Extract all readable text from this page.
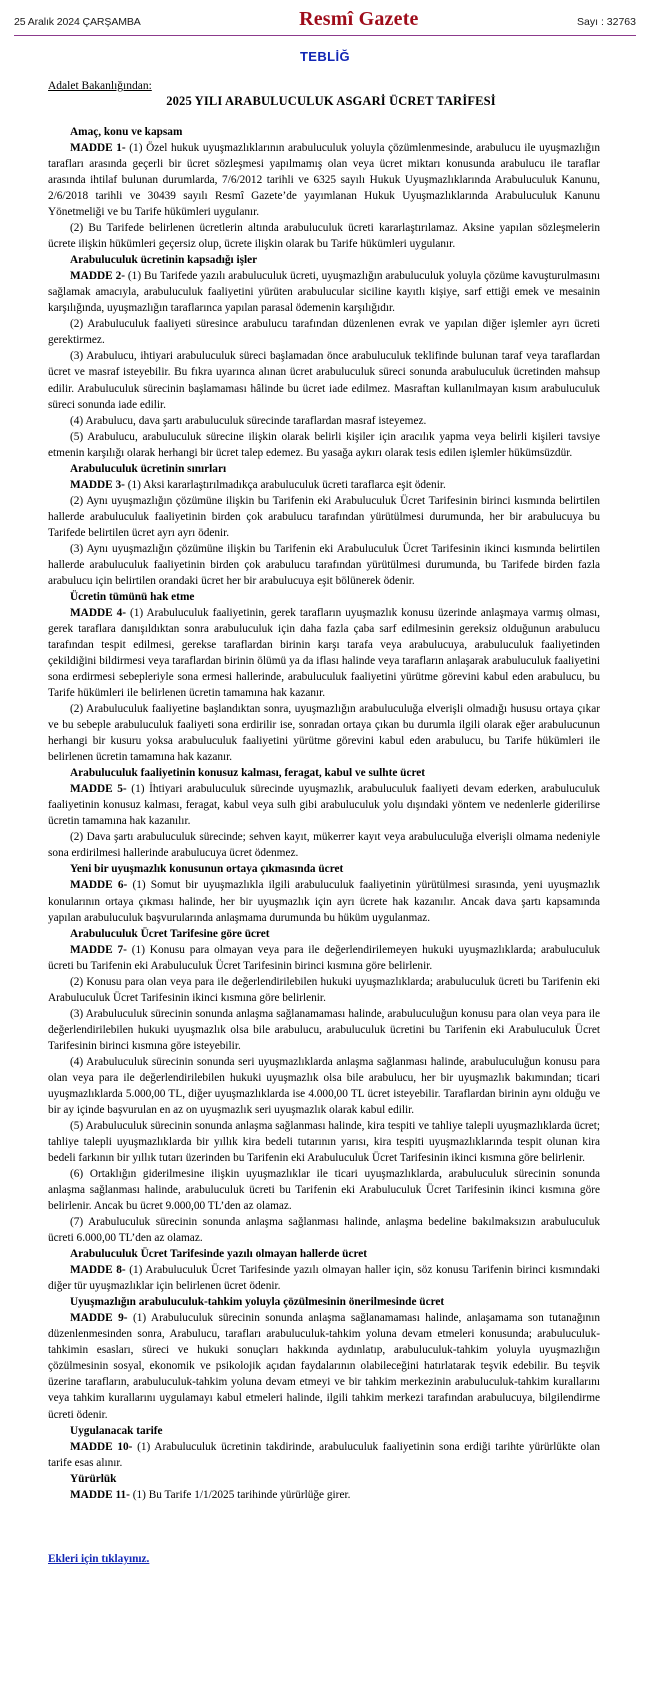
25 Aralık 2024 ÇARŞAMBA	Resmî Gazete	Sayı : 32763
TEBLİĞ
Adalet Bakanlığından:
2025 YILI ARABULUCULUK ASGARİ ÜCRET TARİFESİ
Amaç, konu ve kapsam

MADDE 1- (1) Özel hukuk uyuşmazlıklarının arabuluculuk yoluyla çözümlenmesinde, arabulucu ile uyuşmazlığın tarafları arasında geçerli bir ücret sözleşmesi yapılmamış olan veya ücret miktarı konusunda arabulucu ile taraflar arasında ihtilaf bulunan durumlarda, 7/6/2012 tarihli ve 6325 sayılı Hukuk Uyuşmazlıklarında Arabuluculuk Kanunu, 2/6/2018 tarihli ve 30439 sayılı Resmî Gazete’de yayımlanan Hukuk Uyuşmazlıklarında Arabuluculuk Kanunu Yönetmeliği ve bu Tarife hükümleri uygulanır.

(2) Bu Tarifede belirlenen ücretlerin altında arabuluculuk ücreti kararlaştırılamaz. Aksine yapılan sözleşmelerin ücrete ilişkin hükümleri geçersiz olup, ücrete ilişkin olarak bu Tarife hükümleri uygulanır.

Arabuluculuk ücretinin kapsadığı işler

MADDE 2- (1) Bu Tarifede yazılı arabuluculuk ücreti, uyuşmazlığın arabuluculuk yoluyla çözüme kavuşturulmasını sağlamak amacıyla, arabuluculuk faaliyetini yürüten arabulucular siciline kayıtlı kişiye, sarf ettiği emek ve mesainin karşılığında, uyuşmazlığın taraflarınca yapılan parasal ödemenin karşılığıdır.

(2) Arabuluculuk faaliyeti süresince arabulucu tarafından düzenlenen evrak ve yapılan diğer işlemler ayrı ücreti gerektirmez.

(3) Arabulucu, ihtiyari arabuluculuk süreci başlamadan önce arabuluculuk teklifinde bulunan taraf veya taraflardan ücret ve masraf isteyebilir. Bu fıkra uyarınca alınan ücret arabuluculuk süreci sonunda arabuluculuk ücretinden mahsup edilir. Arabuluculuk sürecinin başlamaması hâlinde bu ücret iade edilmez. Masraftan kullanılmayan kısım arabuluculuk süreci sonunda iade edilir.

(4) Arabulucu, dava şartı arabuluculuk sürecinde taraflardan masraf isteyemez.

(5) Arabulucu, arabuluculuk sürecine ilişkin olarak belirli kişiler için aracılık yapma veya belirli kişileri tavsiye etmenin karşılığı olarak herhangi bir ücret talep edemez. Bu yasağa aykırı olarak tesis edilen işlemler hükümsüzdür.

Arabuluculuk ücretinin sınırları

MADDE 3- (1) Aksi kararlaştırılmadıkça arabuluculuk ücreti taraflarca eşit ödenir.

(2) Aynı uyuşmazlığın çözümüne ilişkin bu Tarifenin eki Arabuluculuk Ücret Tarifesinin birinci kısmında belirtilen hallerde arabuluculuk faaliyetinin birden çok arabulucu tarafından yürütülmesi durumunda, her bir arabulucuya bu Tarifede belirtilen ücret ayrı ayrı ödenir.

(3) Aynı uyuşmazlığın çözümüne ilişkin bu Tarifenin eki Arabuluculuk Ücret Tarifesinin ikinci kısmında belirtilen hallerde arabuluculuk faaliyetinin birden çok arabulucu tarafından yürütülmesi durumunda, bu Tarifede birden fazla arabulucu için belirtilen orandaki ücret her bir arabulucuya eşit bölünerek ödenir.

Ücretin tümünü hak etme

MADDE 4- (1) Arabuluculuk faaliyetinin, gerek tarafların uyuşmazlık konusu üzerinde anlaşmaya varmış olması, gerek taraflara danışıldıktan sonra arabuluculuk için daha fazla çaba sarf edilmesinin gereksiz olduğunun arabulucu tarafından tespit edilmesi, gerekse taraflardan birinin karşı tarafa veya arabulucuya, arabuluculuk faaliyetinden çekildiğini bildirmesi veya taraflardan birinin ölümü ya da iflası halinde veya tarafların anlaşarak arabuluculuk faaliyetini sona erdirmesi sebepleriyle sona ermesi hallerinde, arabuluculuk faaliyetini yürütme görevini kabul eden arabulucu, bu Tarife hükümleri ile belirlenen ücretin tamamına hak kazanır.

(2) Arabuluculuk faaliyetine başlandıktan sonra, uyuşmazlığın arabuluculuğa elverişli olmadığı hususu ortaya çıkar ve bu sebeple arabuluculuk faaliyeti sona erdirilir ise, sonradan ortaya çıkan bu durumla ilgili olarak eğer arabulucunun herhangi bir kusuru yoksa arabuluculuk faaliyetini yürütme görevini kabul eden arabulucu, bu Tarife hükümleri ile belirlenen ücretin tamamına hak kazanır.

Arabuluculuk faaliyetinin konusuz kalması, feragat, kabul ve sulhte ücret

MADDE 5- (1) İhtiyari arabuluculuk sürecinde uyuşmazlık, arabuluculuk faaliyeti devam ederken, arabuluculuk faaliyetinin konusuz kalması, feragat, kabul veya sulh gibi arabuluculuk yolu dışındaki yöntem ve nedenlerle giderilirse ücretin tamamına hak kazanılır.

(2) Dava şartı arabuluculuk sürecinde; sehven kayıt, mükerrer kayıt veya arabuluculuğa elverişli olmama nedeniyle sona erdirilmesi hallerinde arabulucuya ücret ödenmez.

Yeni bir uyuşmazlık konusunun ortaya çıkmasında ücret

MADDE 6- (1) Somut bir uyuşmazlıkla ilgili arabuluculuk faaliyetinin yürütülmesi sırasında, yeni uyuşmazlık konularının ortaya çıkması halinde, her bir uyuşmazlık için ayrı ücrete hak kazanılır. Ancak dava şartı kapsamında yapılan arabuluculuk başvurularında anlaşmama durumunda bu hüküm uygulanmaz.

Arabuluculuk Ücret Tarifesine göre ücret

MADDE 7- (1) Konusu para olmayan veya para ile değerlendirilemeyen hukuki uyuşmazlıklarda; arabuluculuk ücreti bu Tarifenin eki Arabuluculuk Ücret Tarifesinin birinci kısmına göre belirlenir.

(2) Konusu para olan veya para ile değerlendirilebilen hukuki uyuşmazlıklarda; arabuluculuk ücreti bu Tarifenin eki Arabuluculuk Ücret Tarifesinin ikinci kısmına göre belirlenir.

(3) Arabuluculuk sürecinin sonunda anlaşma sağlanamaması halinde, arabuluculuğun konusu para olan veya para ile değerlendirilebilen hukuki uyuşmazlık olsa bile arabulucu, arabuluculuk ücretini bu Tarifenin eki Arabuluculuk Ücret Tarifesinin birinci kısmına göre isteyebilir.

(4) Arabuluculuk sürecinin sonunda seri uyuşmazlıklarda anlaşma sağlanması halinde, arabuluculuğun konusu para olan veya para ile değerlendirilebilen hukuki uyuşmazlık olsa bile arabulucu, her bir uyuşmazlık bakımından; ticari uyuşmazlıklarda 5.000,00 TL, diğer uyuşmazlıklarda ise 4.000,00 TL ücret isteyebilir. Taraflardan birinin aynı olduğu ve bir ay içinde başvurulan en az on uyuşmazlık seri uyuşmazlık olarak kabul edilir.

(5) Arabuluculuk sürecinin sonunda anlaşma sağlanması halinde, kira tespiti ve tahliye talepli uyuşmazlıklarda ücret; tahliye talepli uyuşmazlıklarda bir yıllık kira bedeli tutarının yarısı, kira tespiti uyuşmazlıklarında tespit olunan kira bedeli farkının bir yıllık tutarı üzerinden bu Tarifenin eki Arabuluculuk Ücret Tarifesinin ikinci kısmına göre belirlenir.

(6) Ortaklığın giderilmesine ilişkin uyuşmazlıklar ile ticari uyuşmazlıklarda, arabuluculuk sürecinin sonunda anlaşma sağlanması halinde, arabuluculuk ücreti bu Tarifenin eki Arabuluculuk Ücret Tarifesinin ikinci kısmına göre belirlenir. Ancak bu ücret 9.000,00 TL’den az olamaz.

(7) Arabuluculuk sürecinin sonunda anlaşma sağlanması halinde, anlaşma bedeline bakılmaksızın arabuluculuk ücreti 6.000,00 TL’den az olamaz.

Arabuluculuk Ücret Tarifesinde yazılı olmayan hallerde ücret

MADDE 8- (1) Arabuluculuk Ücret Tarifesinde yazılı olmayan haller için, söz konusu Tarifenin birinci kısmındaki diğer tür uyuşmazlıklar için belirlenen ücret ödenir.

Uyuşmazlığın arabuluculuk-tahkim yoluyla çözülmesinin önerilmesinde ücret

MADDE 9- (1) Arabuluculuk sürecinin sonunda anlaşma sağlanamaması halinde, anlaşamama son tutanağının düzenlenmesinden sonra, Arabulucu, tarafları arabuluculuk-tahkim yoluna devam etmeleri konusunda; arabuluculuk-tahkimin esasları, süreci ve hukuki sonuçları hakkında aydınlatıp, arabuluculuk-tahkim yoluyla uyuşmazlığın çözülmesinin sosyal, ekonomik ve psikolojik açıdan faydalarının olabileceğini hatırlatarak teşvik edebilir. Bu teşvik üzerine tarafların, arabuluculuk-tahkim yoluna devam etmeyi ve bir tahkim merkezinin arabuluculuk-tahkim kurallarını veya tahkim kurallarını uygulamayı kabul etmeleri halinde, ilgili tahkim merkezi tarafından arabulucuya, bilgilendirme ücreti ödenir.

Uygulanacak tarife

MADDE 10- (1) Arabuluculuk ücretinin takdirinde, arabuluculuk faaliyetinin sona erdiği tarihte yürürlükte olan tarife esas alınır.

Yürürlük

MADDE 11- (1) Bu Tarife 1/1/2025 tarihinde yürürlüğe girer.

Ekleri için tıklayınız.
